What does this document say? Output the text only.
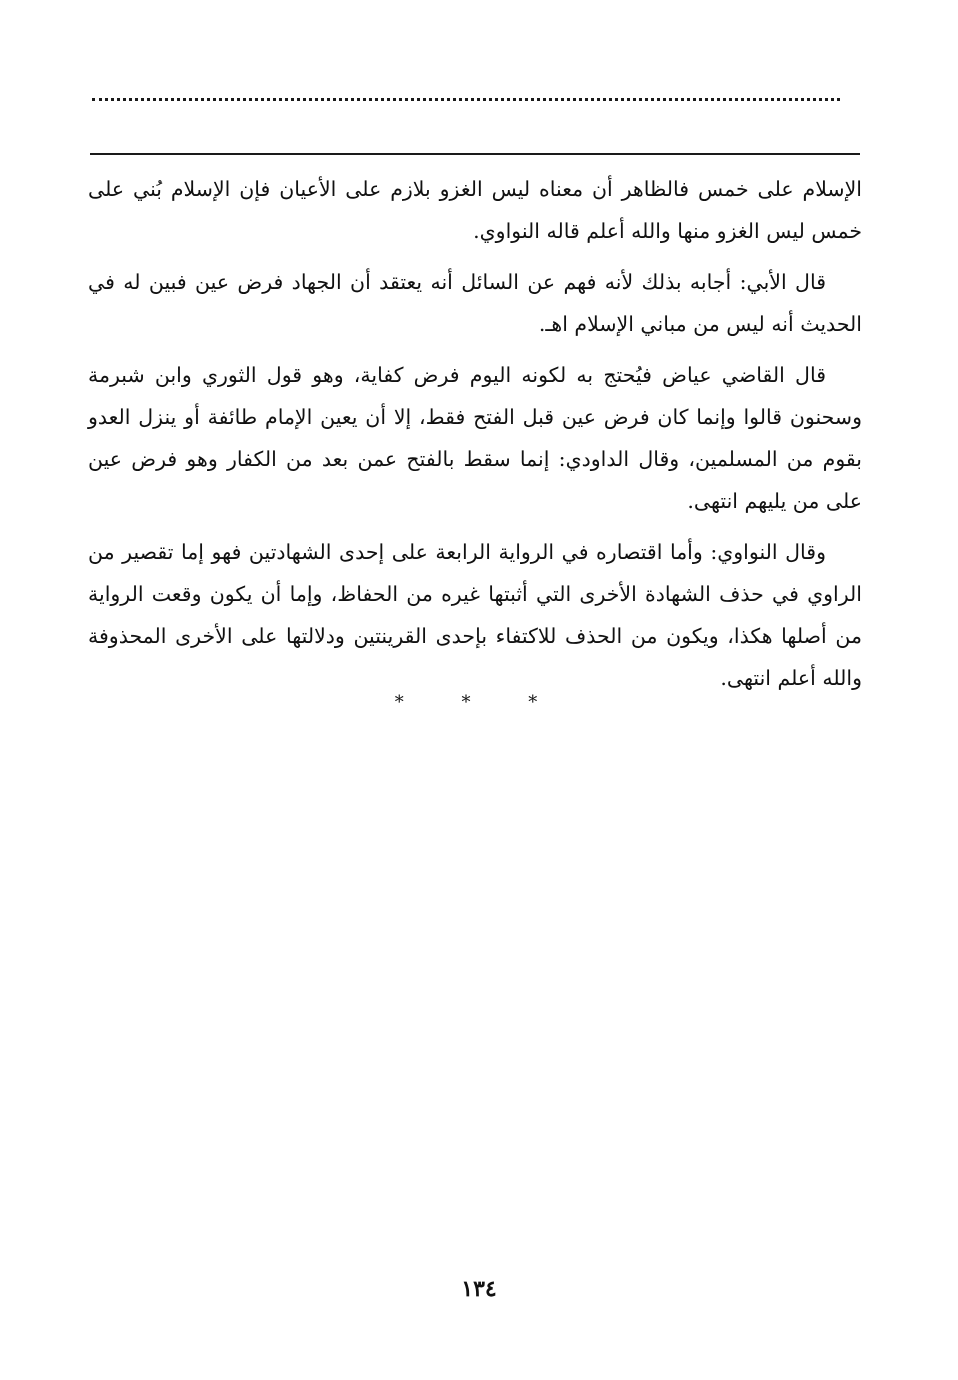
الإسلام على خمس فالظاهر أن معناه ليس الغزو بلازم على الأعيان فإن الإسلام بُني على خمس ليس الغزو منها والله أعلم قاله النواوي.

قال الأبي: أجابه بذلك لأنه فهم عن السائل أنه يعتقد أن الجهاد فرض عين فبين له في الحديث أنه ليس من مباني الإسلام اهـ.

قال القاضي عياض فيُحتج به لكونه اليوم فرض كفاية، وهو قول الثوري وابن شبرمة وسحنون قالوا وإنما كان فرض عين قبل الفتح فقط، إلا أن يعين الإمام طائفة أو ينزل العدو بقوم من المسلمين، وقال الداودي: إنما سقط بالفتح عمن بعد من الكفار وهو فرض عين على من يليهم انتهى.

وقال النواوي: وأما اقتصاره في الرواية الرابعة على إحدى الشهادتين فهو إما تقصير من الراوي في حذف الشهادة الأخرى التي أثبتها غيره من الحفاظ، وإما أن يكون وقعت الرواية من أصلها هكذا، ويكون من الحذف للاكتفاء بإحدى القرينتين ودلالتها على الأخرى المحذوفة والله أعلم انتهى.

* * *
١٣٤
